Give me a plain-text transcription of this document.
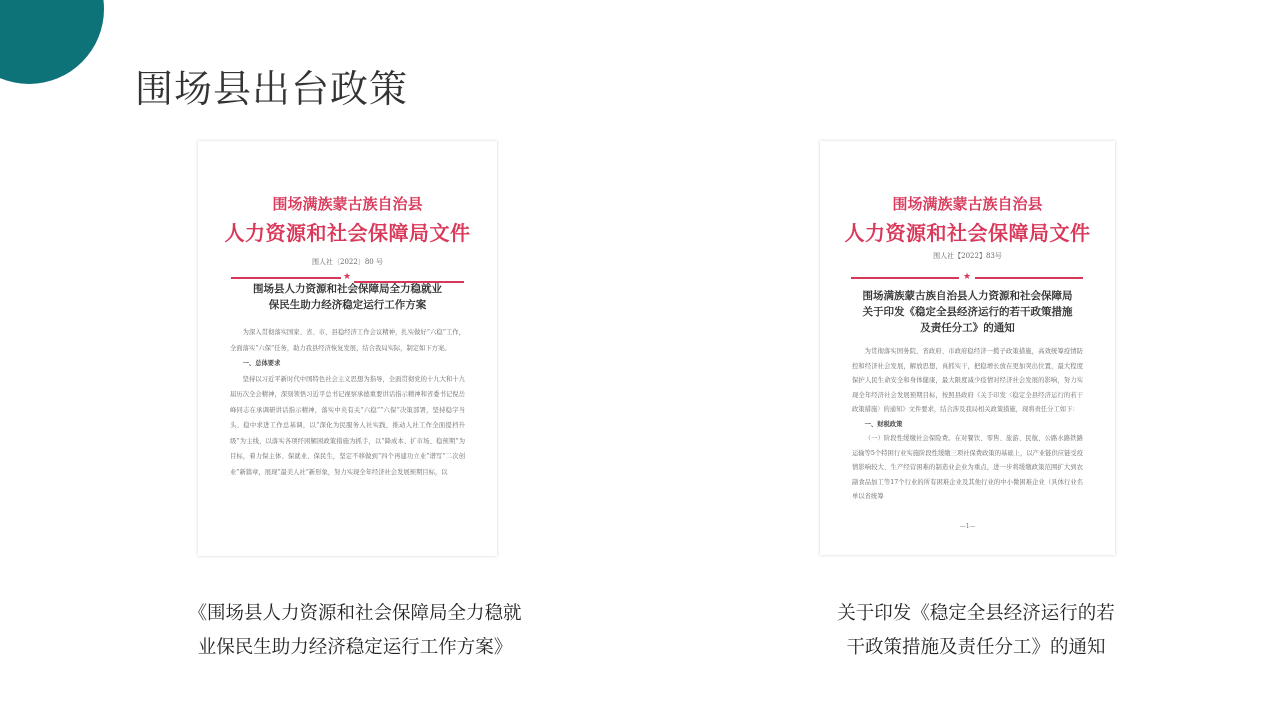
围场县出台政策
围场满族蒙古族自治县
人力资源和社会保障局文件
围人社〔2022〕80 号
★
围场县人力资源和社会保障局全力稳就业
保民生助力经济稳定运行工作方案

为深入贯彻落实国家、省、市、县稳经济工作会议精神，扎实做好“六稳”工作，全面落实“六保”任务，助力我县经济恢复发展，结合我局实际，制定如下方案。

一、总体要求

坚持以习近平新时代中国特色社会主义思想为指导，全面贯彻党的十九大和十九届历次全会精神，深刻领悟习近平总书记视察承德重要讲话指示精神和省委书记倪岳峰同志在承调研讲话指示精神，落实中央有关“六稳”“六保”决策部署，坚持稳字当头、稳中求进工作总基调，以“深化为民服务人社实践，推动人社工作全面提档升级”为主线，以落实各项纾困解困政策措施为抓手，以“降成本、扩市场、稳预期”为目标，着力保主体、保就业、保民生，坚定不移做到“四个再建功立业”谱写“二次创业”新篇章，展现“最美人社”新形象，努力实现全年经济社会发展预期目标，以

围场满族蒙古族自治县
人力资源和社会保障局文件
围人社【2022】83号
★
围场满族蒙古族自治县人力资源和社会保障局
关于印发《稳定全县经济运行的若干政策措施
及责任分工》的通知

为贯彻落实国务院、省政府、市政府稳经济一揽子政策措施，高效统筹疫情防控和经济社会发展，解放思想，真抓实干，把稳增长放在更加突出位置，最大程度保护人民生命安全和身体健康，最大限度减少疫情对经济社会发展的影响，努力实现全年经济社会发展预期目标，按照县政府《关于印发〈稳定全县经济运行的若干政策措施〉的通知》文件要求，结合涉及我局相关政策措施，现将责任分工如下：

一、财税政策

（一）阶段性缓缴社会保险费。在对餐饮、零售、旅游、民航、公路水路铁路运输等5个特困行业实施阶段性缓缴三项社保费政策的基础上，以产业链供应链受疫情影响较大、生产经营困难的制造业企业为重点，进一步将缓缴政策范围扩大到农副食品加工等17个行业的所有困难企业及其他行业的中小微困难企业（具体行业名单以省统筹

—1—
《围场县人力资源和社会保障局全力稳就
业保民生助力经济稳定运行工作方案》
关于印发《稳定全县经济运行的若
干政策措施及责任分工》的通知
